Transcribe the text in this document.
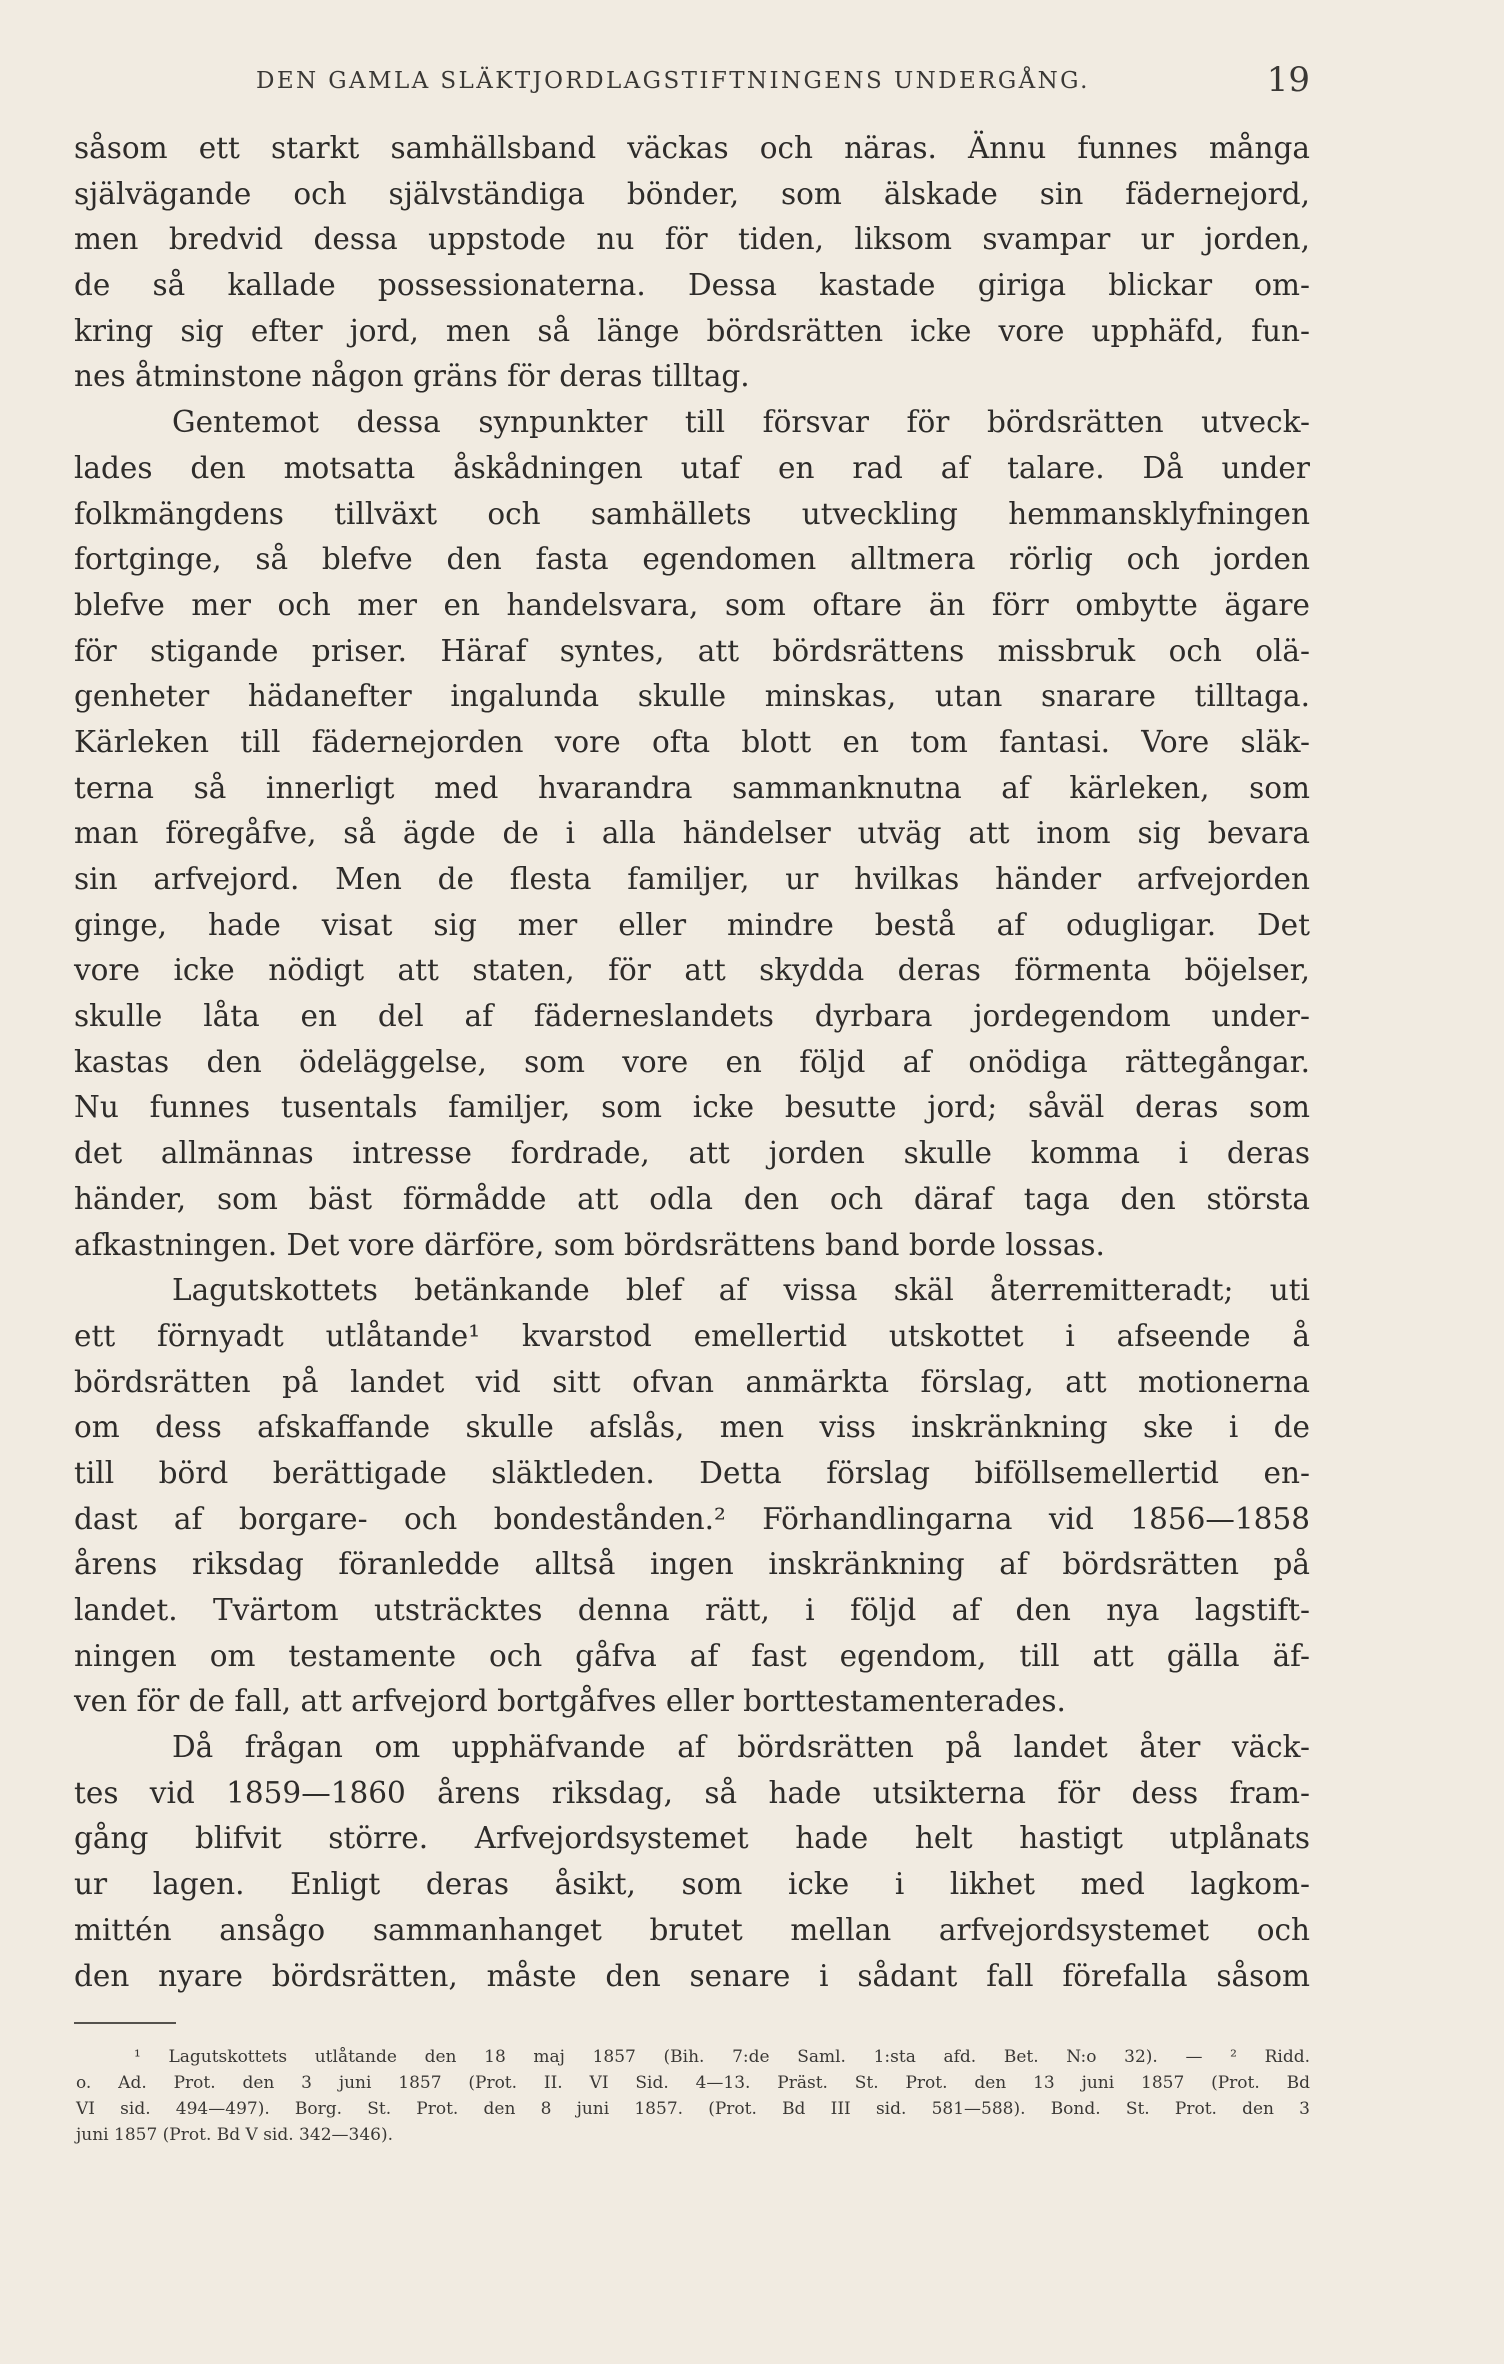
DEN GAMLA SLÄKTJORDLAGSTIFTNINGENS UNDERGÅNG.	19
såsom ett starkt samhällsband väckas och näras. Ännu funnes många
självägande och självständiga bönder, som älskade sin fädernejord,
men bredvid dessa uppstode nu för tiden, liksom svampar ur jorden,
de så kallade possessionaterna. Dessa kastade giriga blickar om-
kring sig efter jord, men så länge bördsrätten icke vore upphäfd, fun-
nes åtminstone någon gräns för deras tilltag.
Gentemot dessa synpunkter till försvar för bördsrätten utveck-
lades den motsatta åskådningen utaf en rad af talare. Då under
folkmängdens tillväxt och samhällets utveckling hemmansklyfningen
fortginge, så blefve den fasta egendomen alltmera rörlig och jorden
blefve mer och mer en handelsvara, som oftare än förr ombytte ägare
för stigande priser. Häraf syntes, att bördsrättens missbruk och olä-
genheter hädanefter ingalunda skulle minskas, utan snarare tilltaga.
Kärleken till fädernejorden vore ofta blott en tom fantasi. Vore släk-
terna så innerligt med hvarandra sammanknutna af kärleken, som
man föregåfve, så ägde de i alla händelser utväg att inom sig bevara
sin arfvejord. Men de flesta familjer, ur hvilkas händer arfvejorden
ginge, hade visat sig mer eller mindre bestå af odugligar. Det
vore icke nödigt att staten, för att skydda deras förmenta böjelser,
skulle låta en del af fäderneslandets dyrbara jordegendom under-
kastas den ödeläggelse, som vore en följd af onödiga rättegångar.
Nu funnes tusentals familjer, som icke besutte jord; såväl deras som
det allmännas intresse fordrade, att jorden skulle komma i deras
händer, som bäst förmådde att odla den och däraf taga den största
afkastningen. Det vore därföre, som bördsrättens band borde lossas.
Lagutskottets betänkande blef af vissa skäl återremitteradt; uti
ett förnyadt utlåtande¹ kvarstod emellertid utskottet i afseende å
bördsrätten på landet vid sitt ofvan anmärkta förslag, att motionerna
om dess afskaffande skulle afslås, men viss inskränkning ske i de
till börd berättigade släktleden. Detta förslag biföllsemellertid en-
dast af borgare- och bondestånden.² Förhandlingarna vid 1856—1858
årens riksdag föranledde alltså ingen inskränkning af bördsrätten på
landet. Tvärtom utsträcktes denna rätt, i följd af den nya lagstift-
ningen om testamente och gåfva af fast egendom, till att gälla äf-
ven för de fall, att arfvejord bortgåfves eller borttestamenterades.
Då frågan om upphäfvande af bördsrätten på landet åter väck-
tes vid 1859—1860 årens riksdag, så hade utsikterna för dess fram-
gång blifvit större. Arfvejordsystemet hade helt hastigt utplånats
ur lagen. Enligt deras åsikt, som icke i likhet med lagkom-
mittén ansågo sammanhanget brutet mellan arfvejordsystemet och
den nyare bördsrätten, måste den senare i sådant fall förefalla såsom
¹ Lagutskottets utlåtande den 18 maj 1857 (Bih. 7:de Saml. 1:sta afd. Bet. N:o 32). — ² Ridd.
o. Ad. Prot. den 3 juni 1857 (Prot. II. VI Sid. 4—13. Präst. St. Prot. den 13 juni 1857 (Prot. Bd
VI sid. 494—497). Borg. St. Prot. den 8 juni 1857. (Prot. Bd III sid. 581—588). Bond. St. Prot. den 3
juni 1857 (Prot. Bd V sid. 342—346).
